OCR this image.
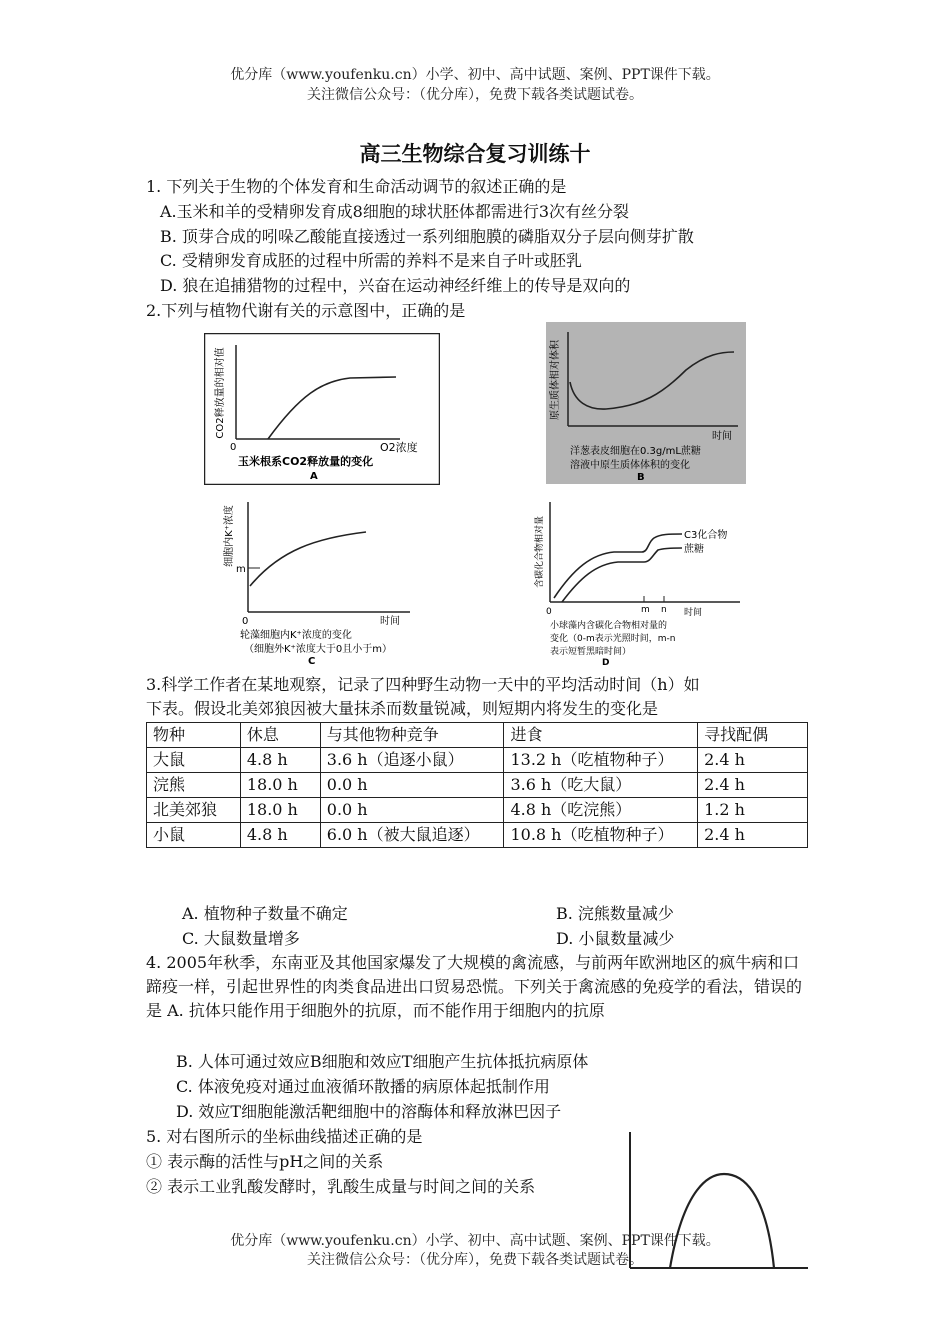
优分库（www.youfenku.cn）小学、初中、高中试题、案例、PPT课件下载。
关注微信公众号：（优分库），免费下载各类试题试卷。
高三生物综合复习训练十
1. 下列关于生物的个体发育和生命活动调节的叙述正确的是
A.玉米和羊的受精卵发育成8细胞的球状胚体都需进行3次有丝分裂
B. 顶芽合成的吲哚乙酸能直接透过一系列细胞膜的磷脂双分子层向侧芽扩散
C. 受精卵发育成胚的过程中所需的养料不是来自子叶或胚乳
D. 狼在追捕猎物的过程中，兴奋在运动神经纤维上的传导是双向的
2.下列与植物代谢有关的示意图中，正确的是
CO2释放量的相对值
0	O2浓度
玉米根系CO2释放量的变化
A
原生质体相对体积
时间
洋葱表皮细胞在0.3g/mL蔗糖
溶液中原生质体体积的变化
B
细胞内K⁺浓度
m
0	时间
轮藻细胞内K⁺浓度的变化
（细胞外K⁺浓度大于0且小于m）
C
含碳化合物相对量	C3化合物
蔗糖
0	m n 时间
小球藻内含碳化合物相对量的
变化（0-m表示光照时间，m-n
表示短暂黑暗时间）
D
3.科学工作者在某地观察，记录了四种野生动物一天中的平均活动时间（h）如
下表。假设北美郊狼因被大量抹杀而数量锐减，则短期内将发生的变化是
物种	休息	与其他物种竞争	进食	寻找配偶
大鼠	4.8 h	3.6 h（追逐小鼠）	13.2 h（吃植物种子）	2.4 h
浣熊	18.0 h	0.0 h	3.6 h（吃大鼠）	2.4 h
北美郊狼	18.0 h	0.0 h	4.8 h（吃浣熊）	1.2 h
小鼠	4.8 h	6.0 h（被大鼠追逐）	10.8 h（吃植物种子）	2.4 h
A. 植物种子数量不确定	B. 浣熊数量减少
C. 大鼠数量增多	D. 小鼠数量减少
4. 2005年秋季，东南亚及其他国家爆发了大规模的禽流感，与前两年欧洲地区的疯牛病和口蹄疫一样，引起世界性的肉类食品进出口贸易恐慌。下列关于禽流感的免疫学的看法，错误的是 A. 抗体只能作用于细胞外的抗原，而不能作用于细胞内的抗原
B. 人体可通过效应B细胞和效应T细胞产生抗体抵抗病原体
C. 体液免疫对通过血液循环散播的病原体起抵制作用
D. 效应T细胞能激活靶细胞中的溶酶体和释放淋巴因子
5. 对右图所示的坐标曲线描述正确的是
① 表示酶的活性与pH之间的关系
② 表示工业乳酸发酵时，乳酸生成量与时间之间的关系
优分库（www.youfenku.cn）小学、初中、高中试题、案例、PPT课件下载。
关注微信公众号：（优分库），免费下载各类试题试卷。
